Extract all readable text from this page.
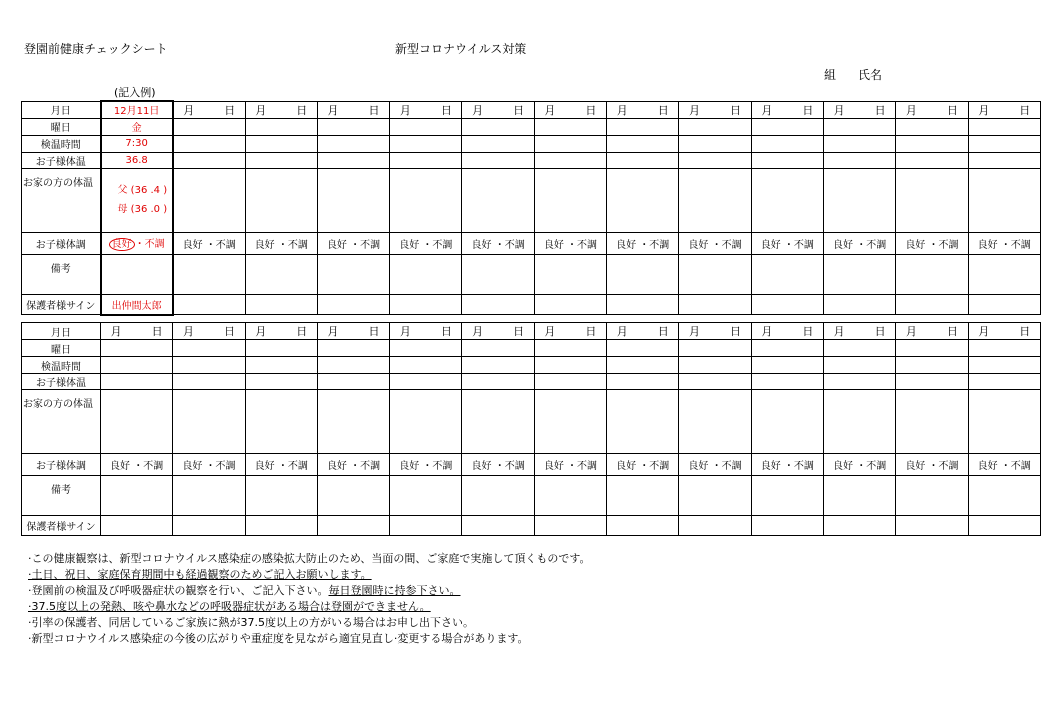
登園前健康チェックシート	新型コロナウイルス対策
組 氏名
(記入例)
月日	12月11日	月 日	月 日	月 日	月 日	月 日	月 日	月 日	月 日	月 日	月 日	月 日	月 日

曜日	金												
検温時間	7:30												
お子様体温	36.8												
お家の方の体温	父 (36 .4 )
母 (36 .0 )												

お子様体調	良好 ・不調	良好 ・不調	良好 ・不調	良好 ・不調	良好 ・不調	良好 ・不調	良好 ・不調	良好 ・不調	良好 ・不調	良好 ・不調	良好 ・不調	良好 ・不調	良好 ・不調
備考													
保護者様サイン	出仲間太郎												
月日	月 日	月 日	月 日	月 日	月 日	月 日	月 日	月 日	月 日	月 日	月 日	月 日	月 日

曜日													
検温時間													
お子様体温													
お家の方の体温													
お子様体調	良好 ・不調	良好 ・不調	良好 ・不調	良好 ・不調	良好 ・不調	良好 ・不調	良好 ・不調	良好 ・不調	良好 ・不調	良好 ・不調	良好 ・不調	良好 ・不調	良好 ・不調
備考													
保護者様サイン													
·この健康観察は、新型コロナウイルス感染症の感染拡大防止のため、当面の間、ご家庭で実施して頂くものです。
·土日、祝日、家庭保育期間中も経過観察のためご記入お願いします。
·登園前の検温及び呼吸器症状の観察を行い、ご記入下さい。毎日登園時に持参下さい。
·37.5度以上の発熱、咳や鼻水などの呼吸器症状がある場合は登園ができません。
·引率の保護者、同居しているご家族に熱が37.5度以上の方がいる場合はお申し出下さい。
·新型コロナウイルス感染症の今後の広がりや重症度を見ながら適宜見直し·変更する場合があります。
